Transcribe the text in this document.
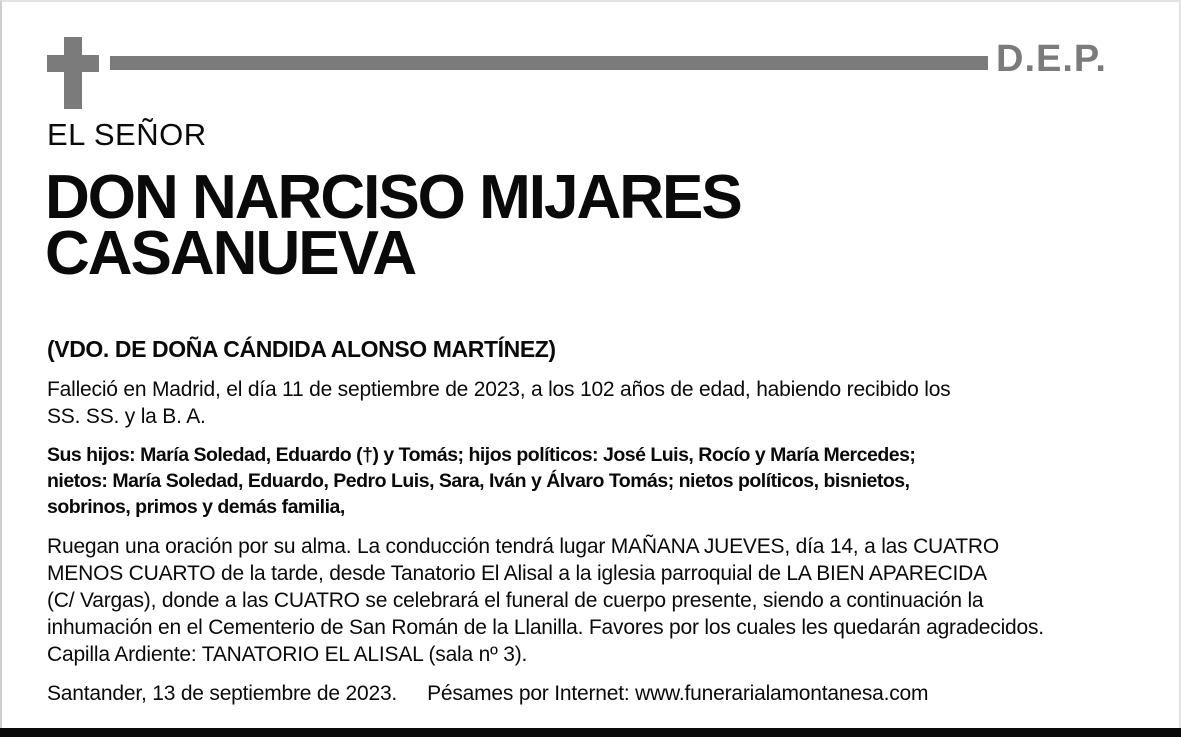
D.E.P.
EL SEÑOR
DON NARCISO MIJARES
CASANUEVA
(VDO. DE DOÑA CÁNDIDA ALONSO MARTÍNEZ)
Falleció en Madrid, el día 11 de septiembre de 2023, a los 102 años de edad, habiendo recibido los
SS. SS. y la B. A.
Sus hijos: María Soledad, Eduardo (†) y Tomás; hijos políticos: José Luis, Rocío y María Mercedes;
nietos: María Soledad, Eduardo, Pedro Luis, Sara, Iván y Álvaro Tomás; nietos políticos, bisnietos,
sobrinos, primos y demás familia,
Ruegan una oración por su alma. La conducción tendrá lugar MAÑANA JUEVES, día 14, a las CUATRO
MENOS CUARTO de la tarde, desde Tanatorio El Alisal a la iglesia parroquial de LA BIEN APARECIDA
(C/ Vargas), donde a las CUATRO se celebrará el funeral de cuerpo presente, siendo a continuación la
inhumación en el Cementerio de San Román de la Llanilla. Favores por los cuales les quedarán agradecidos.
Capilla Ardiente: TANATORIO EL ALISAL (sala nº 3).
Santander, 13 de septiembre de 2023. Pésames por Internet: www.funerarialamontanesa.com
